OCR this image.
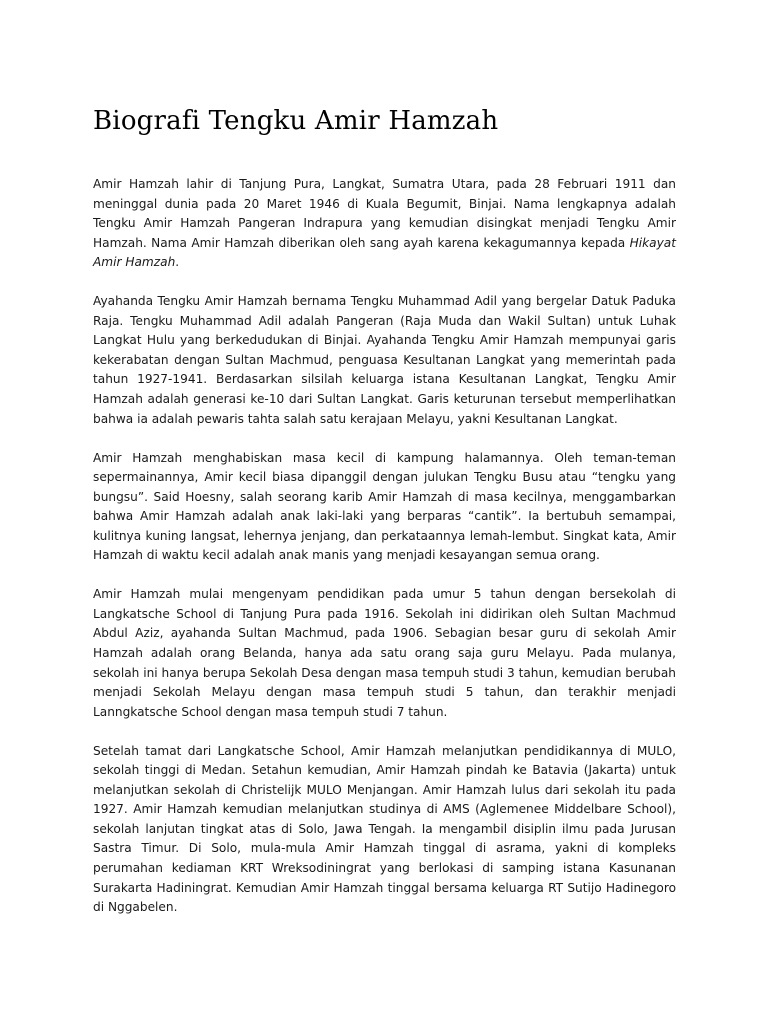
Biografi Tengku Amir Hamzah

Amir Hamzah lahir di Tanjung Pura, Langkat, Sumatra Utara, pada 28 Februari 1911 dan meninggal dunia pada 20 Maret 1946 di Kuala Begumit, Binjai. Nama lengkapnya adalah Tengku Amir Hamzah Pangeran Indrapura yang kemudian disingkat menjadi Tengku Amir Hamzah. Nama Amir Hamzah diberikan oleh sang ayah karena kekagumannya kepada Hikayat Amir Hamzah.

Ayahanda Tengku Amir Hamzah bernama Tengku Muhammad Adil yang bergelar Datuk Paduka Raja. Tengku Muhammad Adil adalah Pangeran (Raja Muda dan Wakil Sultan) untuk Luhak Langkat Hulu yang berkedudukan di Binjai. Ayahanda Tengku Amir Hamzah mempunyai garis kekerabatan dengan Sultan Machmud, penguasa Kesultanan Langkat yang memerintah pada tahun 1927-1941. Berdasarkan silsilah keluarga istana Kesultanan Langkat, Tengku Amir Hamzah adalah generasi ke-10 dari Sultan Langkat. Garis keturunan tersebut memperlihatkan bahwa ia adalah pewaris tahta salah satu kerajaan Melayu, yakni Kesultanan Langkat.

Amir Hamzah menghabiskan masa kecil di kampung halamannya. Oleh teman-teman sepermainannya, Amir kecil biasa dipanggil dengan julukan Tengku Busu atau “tengku yang bungsu”. Said Hoesny, salah seorang karib Amir Hamzah di masa kecilnya, menggambarkan bahwa Amir Hamzah adalah anak laki-laki yang berparas “cantik”. Ia bertubuh semampai, kulitnya kuning langsat, lehernya jenjang, dan perkataannya lemah-lembut. Singkat kata, Amir Hamzah di waktu kecil adalah anak manis yang menjadi kesayangan semua orang.

Amir Hamzah mulai mengenyam pendidikan pada umur 5 tahun dengan bersekolah di Langkatsche School di Tanjung Pura pada 1916. Sekolah ini didirikan oleh Sultan Machmud Abdul Aziz, ayahanda Sultan Machmud, pada 1906. Sebagian besar guru di sekolah Amir Hamzah adalah orang Belanda, hanya ada satu orang saja guru Melayu. Pada mulanya, sekolah ini hanya berupa Sekolah Desa dengan masa tempuh studi 3 tahun, kemudian berubah menjadi Sekolah Melayu dengan masa tempuh studi 5 tahun, dan terakhir menjadi Lanngkatsche School dengan masa tempuh studi 7 tahun.

Setelah tamat dari Langkatsche School, Amir Hamzah melanjutkan pendidikannya di MULO, sekolah tinggi di Medan. Setahun kemudian, Amir Hamzah pindah ke Batavia (Jakarta) untuk melanjutkan sekolah di Christelijk MULO Menjangan. Amir Hamzah lulus dari sekolah itu pada 1927. Amir Hamzah kemudian melanjutkan studinya di AMS (Aglemenee Middelbare School), sekolah lanjutan tingkat atas di Solo, Jawa Tengah. Ia mengambil disiplin ilmu pada Jurusan Sastra Timur. Di Solo, mula-mula Amir Hamzah tinggal di asrama, yakni di kompleks perumahan kediaman KRT Wreksodiningrat yang berlokasi di samping istana Kasunanan Surakarta Hadiningrat. Kemudian Amir Hamzah tinggal bersama keluarga RT Sutijo Hadinegoro di Nggabelen.
